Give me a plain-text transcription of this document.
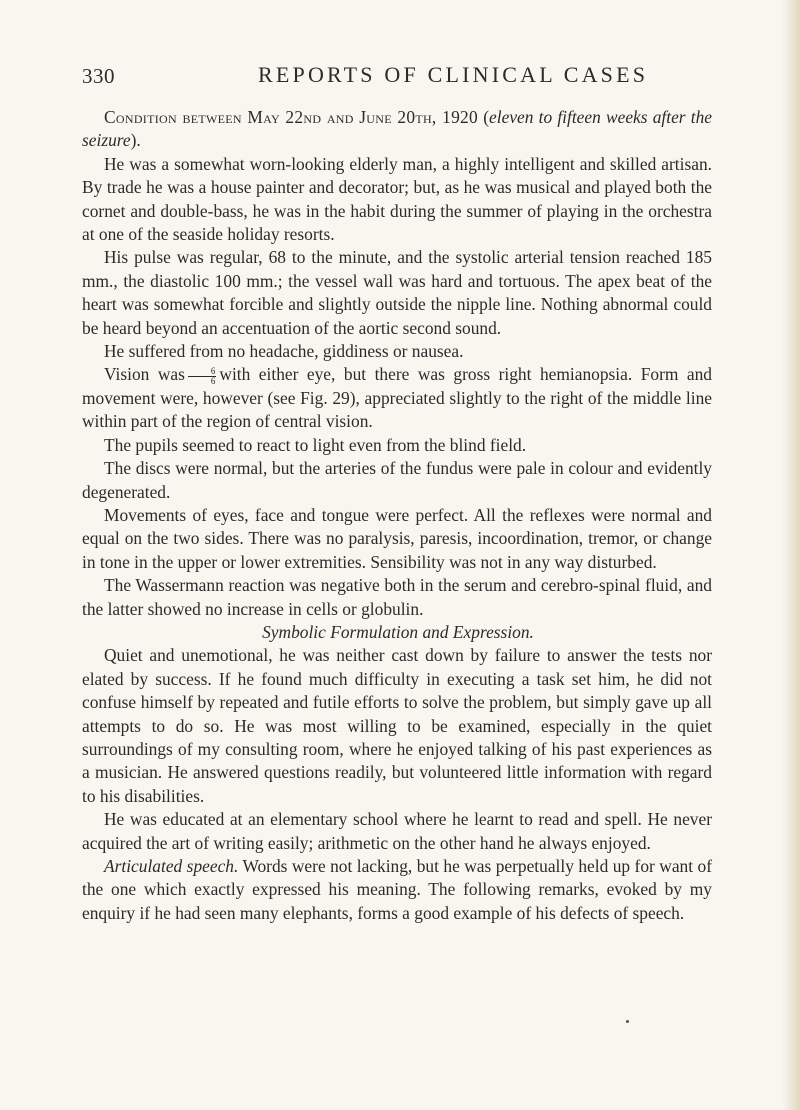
330	REPORTS OF CLINICAL CASES

Condition between May 22nd and June 20th, 1920 (eleven to fifteen weeks after the seizure).

He was a somewhat worn-looking elderly man, a highly intelligent and skilled artisan. By trade he was a house painter and decorator; but, as he was musical and played both the cornet and double-bass, he was in the habit during the summer of playing in the orchestra at one of the seaside holiday resorts.

His pulse was regular, 68 to the minute, and the systolic arterial tension reached 185 mm., the diastolic 100 mm.; the vessel wall was hard and tortuous. The apex beat of the heart was somewhat forcible and slightly outside the nipple line. Nothing abnormal could be heard beyond an accentuation of the aortic second sound.

He suffered from no headache, giddiness or nausea.

Vision was $\frac{6}{6}$ with either eye, but there was gross right hemianopsia. Form and movement were, however (see Fig. 29), appreciated slightly to the right of the middle line within part of the region of central vision.

The pupils seemed to react to light even from the blind field.

The discs were normal, but the arteries of the fundus were pale in colour and evidently degenerated.

Movements of eyes, face and tongue were perfect. All the reflexes were normal and equal on the two sides. There was no paralysis, paresis, incoordination, tremor, or change in tone in the upper or lower extremities. Sensibility was not in any way disturbed.

The Wassermann reaction was negative both in the serum and cerebro-spinal fluid, and the latter showed no increase in cells or globulin.

Symbolic Formulation and Expression.

Quiet and unemotional, he was neither cast down by failure to answer the tests nor elated by success. If he found much difficulty in executing a task set him, he did not confuse himself by repeated and futile efforts to solve the problem, but simply gave up all attempts to do so. He was most willing to be examined, especially in the quiet surroundings of my consulting room, where he enjoyed talking of his past experiences as a musician. He answered questions readily, but volunteered little information with regard to his disabilities.

He was educated at an elementary school where he learnt to read and spell. He never acquired the art of writing easily; arithmetic on the other hand he always enjoyed.

Articulated speech. Words were not lacking, but he was perpetually held up for want of the one which exactly expressed his meaning. The following remarks, evoked by my enquiry if he had seen many elephants, forms a good example of his defects of speech.
